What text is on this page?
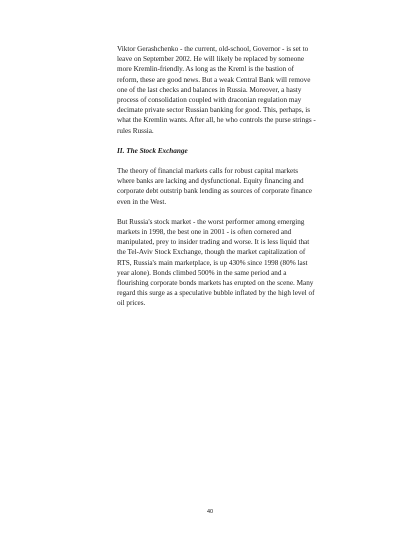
Viktor Gerashchenko - the current, old-school, Governor - is set to leave on September 2002. He will likely be replaced by someone more Kremlin-friendly. As long as the Kreml is the bastion of reform, these are good news. But a weak Central Bank will remove one of the last checks and balances in Russia. Moreover, a hasty process of consolidation coupled with draconian regulation may decimate private sector Russian banking for good. This, perhaps, is what the Kremlin wants. After all, he who controls the purse strings - rules Russia.

II. The Stock Exchange

The theory of financial markets calls for robust capital markets where banks are lacking and dysfunctional. Equity financing and corporate debt outstrip bank lending as sources of corporate finance even in the West.

But Russia's stock market - the worst performer among emerging markets in 1998, the best one in 2001 - is often cornered and manipulated, prey to insider trading and worse. It is less liquid that the Tel-Aviv Stock Exchange, though the market capitalization of RTS, Russia's main marketplace, is up 430% since 1998 (80% last year alone). Bonds climbed 500% in the same period and a flourishing corporate bonds markets has erupted on the scene. Many regard this surge as a speculative bubble inflated by the high level of oil prices.

40
